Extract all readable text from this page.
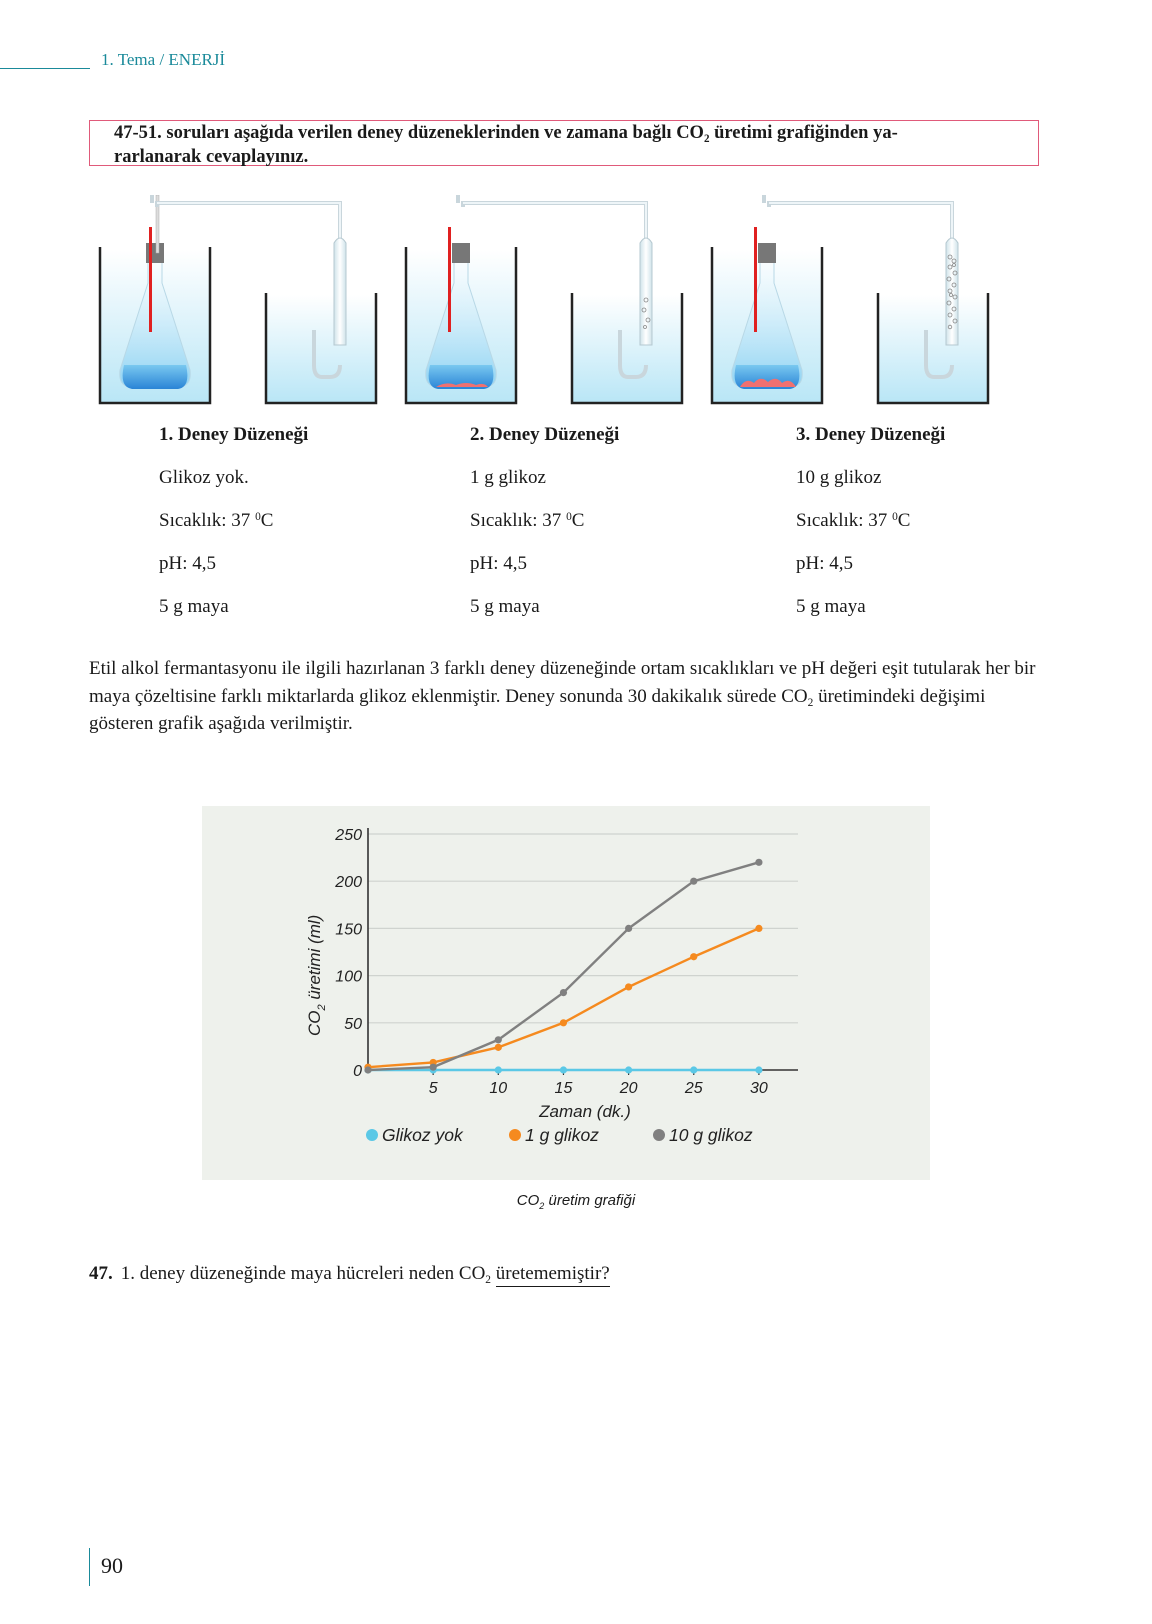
1. Tema / ENERJİ
47-51. soruları aşağıda verilen deney düzeneklerinden ve zamana bağlı $CO_2$ üretimi grafiğinden ya-
rarlanarak cevaplayınız.
1. Deney Düzeneği
Glikoz yok.
Sıcaklık: 37 $^0$C
pH: 4,5
5 g maya
2. Deney Düzeneği
1 g glikoz
Sıcaklık: 37 $^0$C
pH: 4,5
5 g maya
3. Deney Düzeneği
10 g glikoz
Sıcaklık: 37 $^0$C
pH: 4,5
5 g maya
Etil alkol fermantasyonu ile ilgili hazırlanan 3 farklı deney düzeneğinde ortam sıcaklıkları ve pH değeri eşit tutularak her bir maya çözeltisine farklı miktarlarda glikoz eklenmiştir. Deney sonunda 30 dakikalık sürede $CO_2$ üretimindeki değişimi gösteren grafik aşağıda verilmiştir.
0
50
100
150
200
250
5	10	15	20	25	30
$CO_2$ üretimi (ml)
Zaman (dk.)
Glikoz yok	1 g glikoz	10 g glikoz
$CO_2$ üretim grafiği
47. 1. deney düzeneğinde maya hücreleri neden $CO_2$ üretememiştir?
90
